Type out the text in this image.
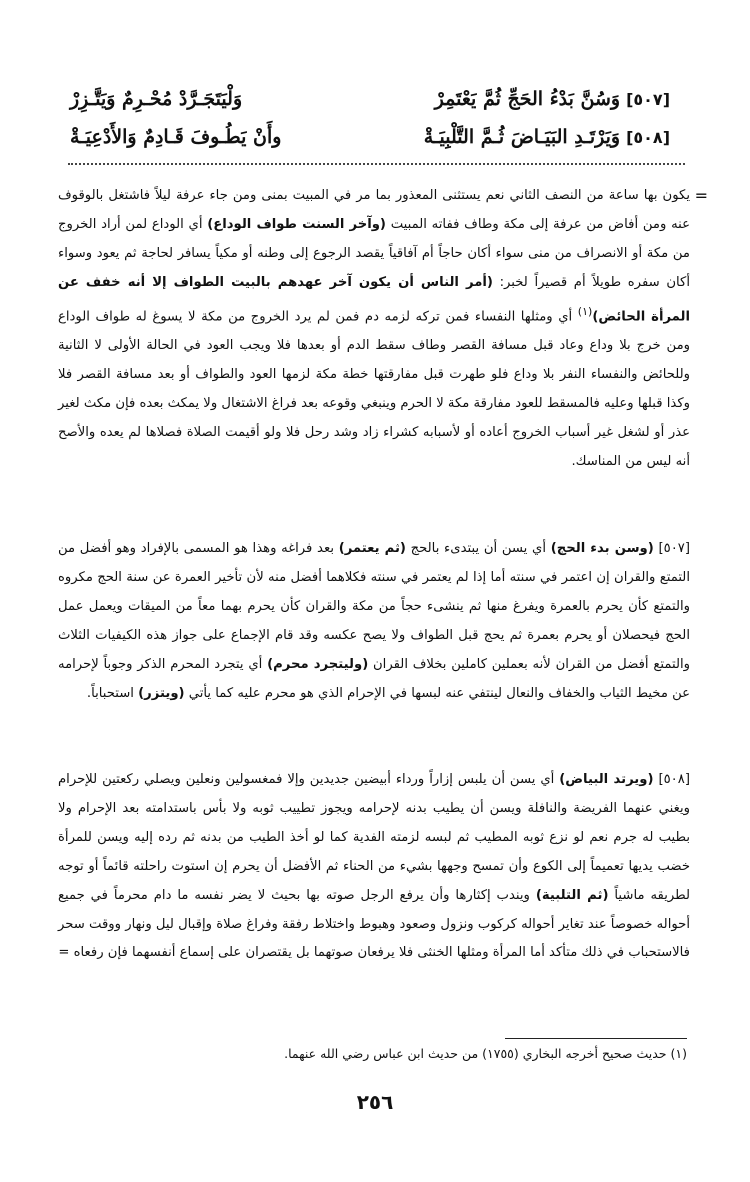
[٥٠٧]وَسُنَّ بَدْءُ الحَجِّ ثُمَّ يَعْتَمِرْ
وَلْيَتَجَـرَّدْ مُحْـرِمٌ وَيَتَّـزِرْ
[٥٠٨]وَيَرْتَـدِ البَيَـاضَ ثُـمَّ التَّلْبِيَـةْ
وأَنْ يَطُـوفَ قَـادِمٌ وَالأَدْعِيَـةْ
=
يكون بها ساعة من النصف الثاني نعم يستثنى المعذور بما مر في المبيت بمنى ومن جاء عرفة ليلاً فاشتغل بالوقوف عنه ومن أفاض من عرفة إلى مكة وطاف ففاته المبيت (وآخر السنت طواف الوداع) أي الوداع لمن أراد الخروج من مكة أو الانصراف من منى سواء أكان حاجاً أم آفاقياً يقصد الرجوع إلى وطنه أو مكياً يسافر لحاجة ثم يعود وسواء أكان سفره طويلاً أم قصيراً لخبر: (أمر الناس أن يكون آخر عهدهم بالبيت الطواف إلا أنه خفف عن المرأة الحائض)$^{(١)}$ أي ومثلها النفساء فمن تركه لزمه دم فمن لم يرد الخروج من مكة لا يسوغ له طواف الوداع ومن خرج بلا وداع وعاد قبل مسافة القصر وطاف سقط الدم أو بعدها فلا ويجب العود في الحالة الأولى لا الثانية وللحائض والنفساء النفر بلا وداع فلو طهرت قبل مفارقتها خطة مكة لزمها العود والطواف أو بعد مسافة القصر فلا وكذا قبلها وعليه فالمسقط للعود مفارقة مكة لا الحرم وينبغي وقوعه بعد فراغ الاشتغال ولا يمكث بعده فإن مكث لغير عذر أو لشغل غير أسباب الخروج أعاده أو لأسبابه كشراء زاد وشد رحل فلا ولو أقيمت الصلاة فصلاها لم يعده والأصح أنه ليس من المناسك.
[٥٠٧] (وسن بدء الحج) أي يسن أن يبتدىء بالحج (ثم يعتمر) بعد فراغه وهذا هو المسمى بالإفراد وهو أفضل من التمتع والقران إن اعتمر في سنته أما إذا لم يعتمر في سنته فكلاهما أفضل منه لأن تأخير العمرة عن سنة الحج مكروه والتمتع كأن يحرم بالعمرة ويفرغ منها ثم ينشىء حجاً من مكة والقران كأن يحرم بهما معاً من الميقات ويعمل عمل الحج فيحصلان أو يحرم بعمرة ثم يحج قبل الطواف ولا يصح عكسه وقد قام الإجماع على جواز هذه الكيفيات الثلاث والتمتع أفضل من القران لأنه بعملين كاملين بخلاف القران (وليتجرد محرم) أي يتجرد المحرم الذكر وجوباً لإحرامه عن مخيط الثياب والخفاف والنعال لينتفي عنه لبسها في الإحرام الذي هو محرم عليه كما يأتي (ويتزر) استحباباً.
[٥٠٨] (ويرتد البياض) أي يسن أن يلبس إزاراً ورداء أبيضين جديدين وإلا فمغسولين ونعلين ويصلي ركعتين للإحرام ويغني عنهما الفريضة والنافلة ويسن أن يطيب بدنه لإحرامه ويجوز تطييب ثوبه ولا بأس باستدامته بعد الإحرام ولا بطيب له جرم نعم لو نزع ثوبه المطيب ثم لبسه لزمته الفدية كما لو أخذ الطيب من بدنه ثم رده إليه ويسن للمرأة خضب يديها تعميماً إلى الكوع وأن تمسح وجهها بشيء من الحناء ثم الأفضل أن يحرم إن استوت راحلته قائماً أو توجه لطريقه ماشياً (ثم التلبية) ويندب إكثارها وأن يرفع الرجل صوته بها بحيث لا يضر نفسه ما دام محرماً في جميع أحواله خصوصاً عند تغاير أحواله كركوب ونزول وصعود وهبوط واختلاط رفقة وفراغ صلاة وإقبال ليل ونهار ووقت سحر فالاستحباب في ذلك متأكد أما المرأة ومثلها الخنثى فلا يرفعان صوتهما بل يقتصران على إسماع أنفسهما فإن رفعاه =
(١) حديث صحيح أخرجه البخاري (١٧٥٥) من حديث ابن عباس رضي الله عنهما.
٢٥٦
